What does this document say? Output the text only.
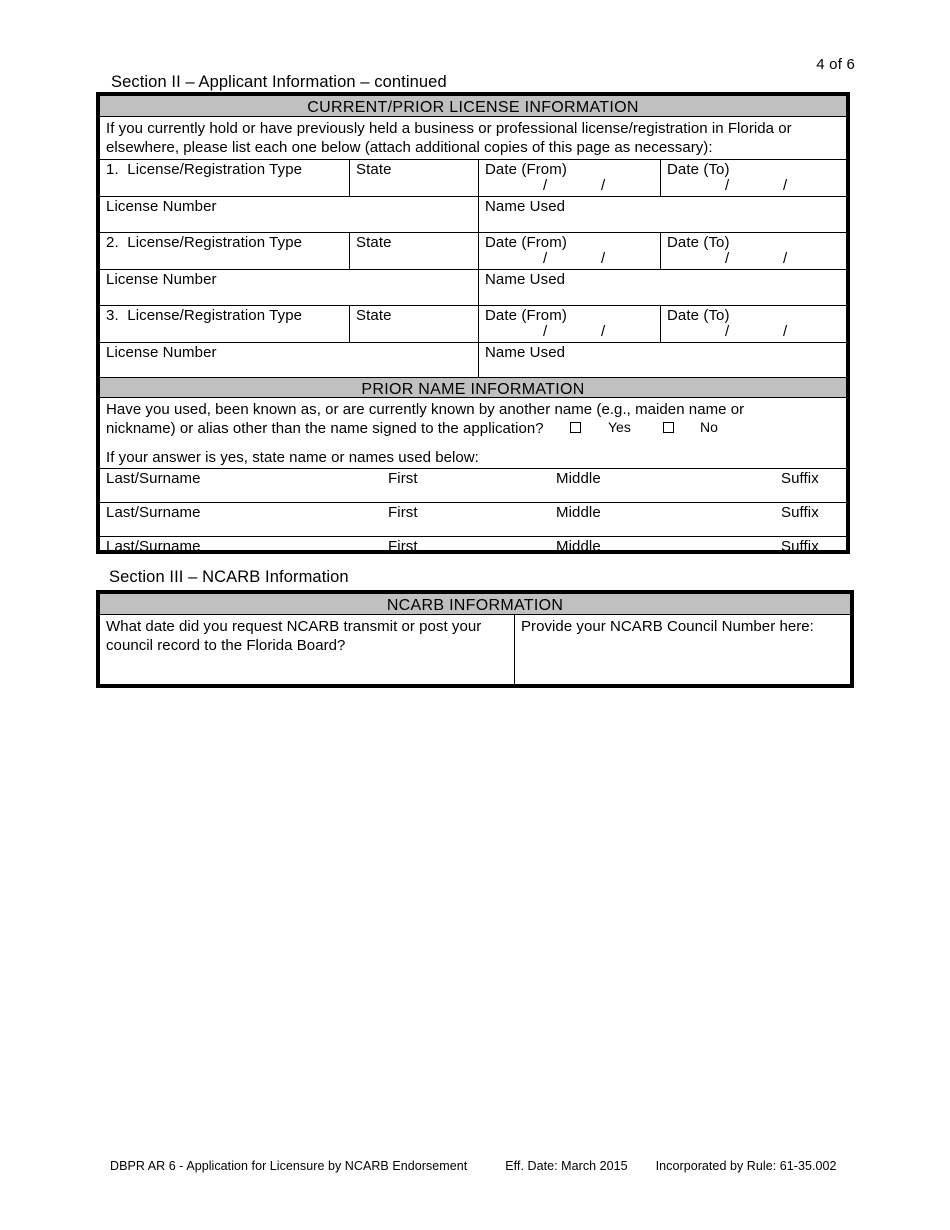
4 of 6
Section II – Applicant Information – continued
CURRENT/PRIOR LICENSE INFORMATION
If you currently hold or have previously held a business or professional license/registration in Florida or
elsewhere, please list each one below (attach additional copies of this page as necessary):
1. License/Registration Type	State	Date (From)	Date (To)
/	/	/	/
License Number	Name Used
2. License/Registration Type	State	Date (From)	Date (To)
/	/	/	/
License Number	Name Used
3. License/Registration Type	State	Date (From)	Date (To)
/	/	/	/
License Number	Name Used
PRIOR NAME INFORMATION
Have you used, been known as, or are currently known by another name (e.g., maiden name or
nickname) or alias other than the name signed to the application?	Yes	No
If your answer is yes, state name or names used below:
Last/Surname	First	Middle	Suffix
Last/Surname	First	Middle	Suffix
Last/Surname	First	Middle	Suffix
Section III – NCARB Information
NCARB INFORMATION
What date did you request NCARB transmit or post your
council record to the Florida Board?
Provide your NCARB Council Number here:
DBPR AR 6 - Application for Licensure by NCARB Endorsement	Eff. Date: March 2015 Incorporated by Rule: 61-35.002
